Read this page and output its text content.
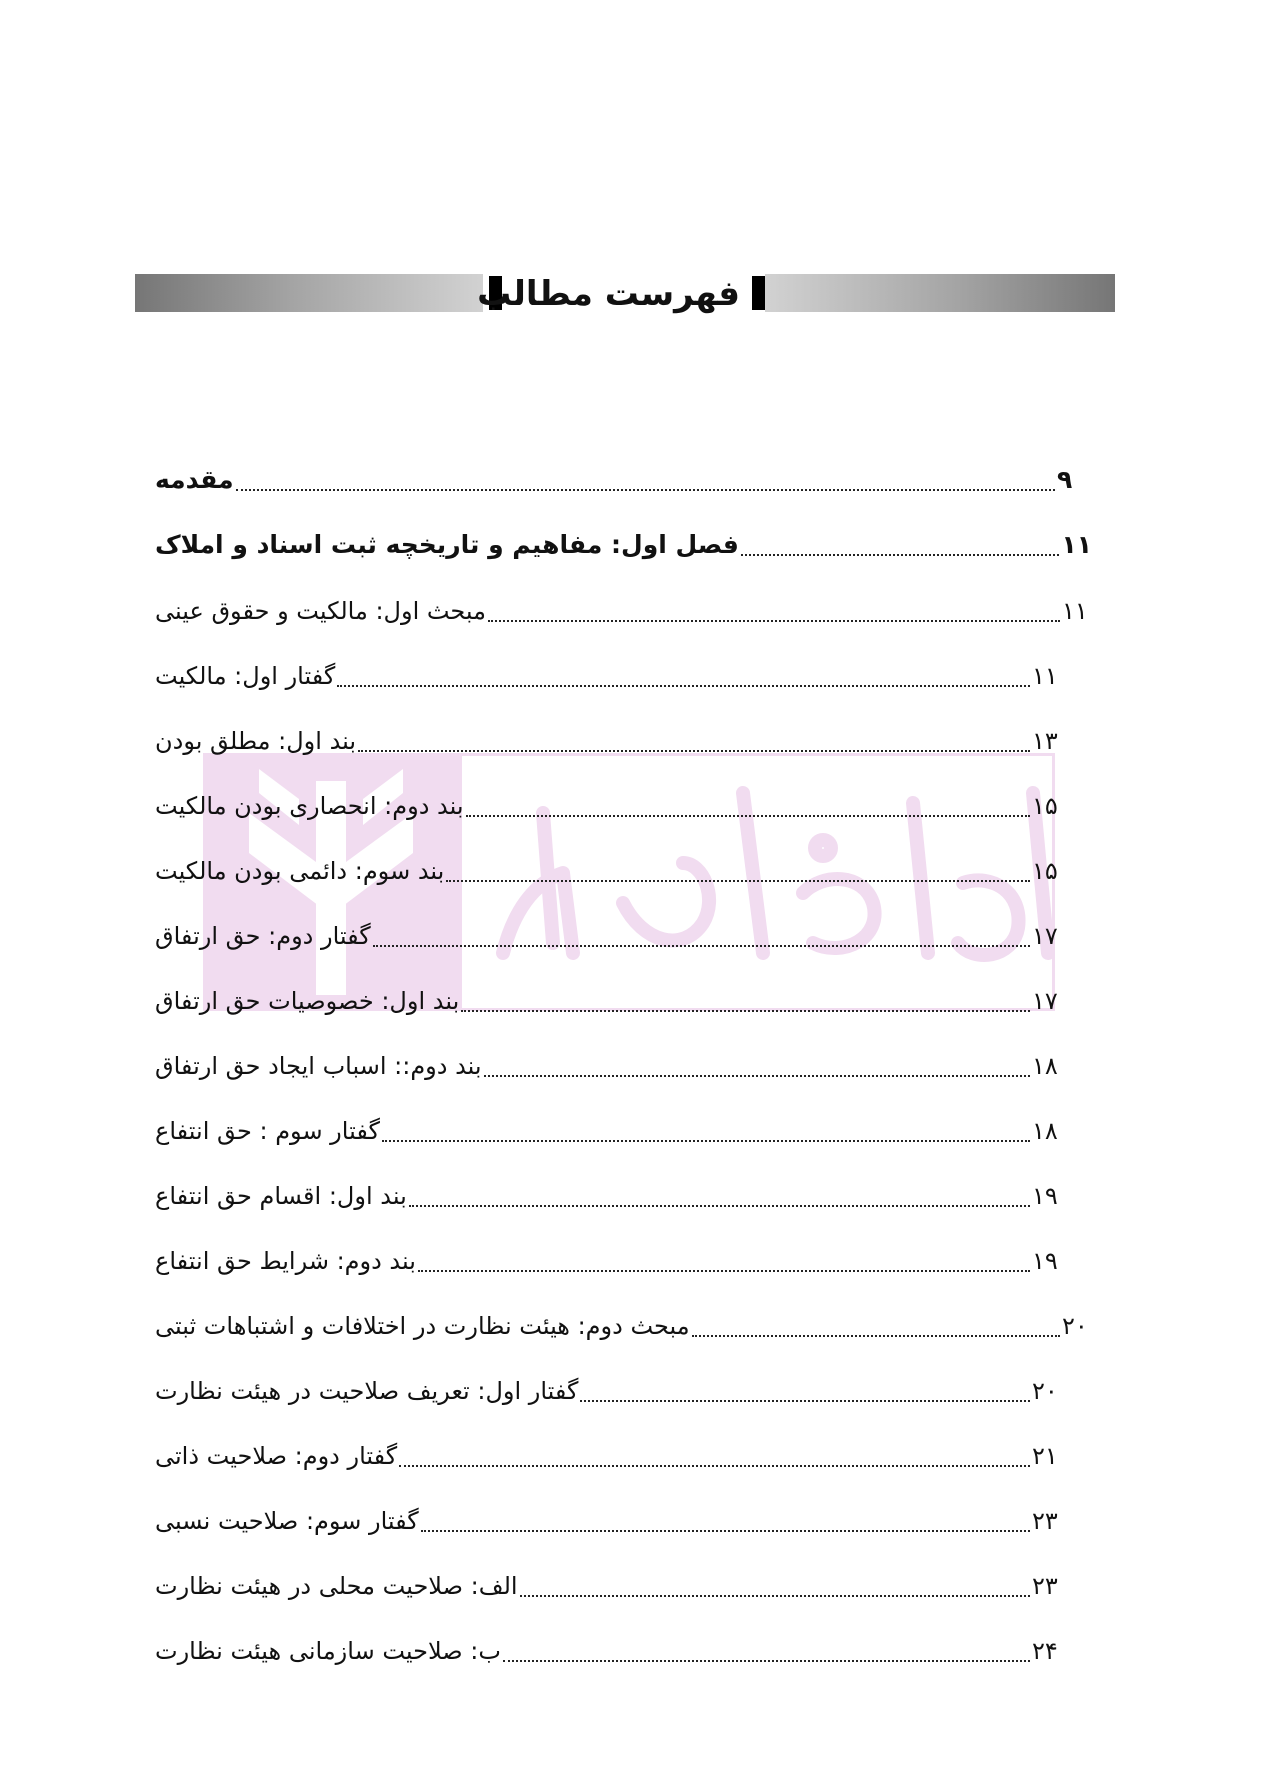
فهرست مطالب
مقدمه	۹
فصل اول: مفاهیم و تاریخچه ثبت اسناد و املاک	۱۱
مبحث اول: مالکیت و حقوق عینی	۱۱
گفتار اول: مالکیت	۱۱
بند اول: مطلق بودن	۱۳
بند دوم: انحصاری بودن مالکیت	۱۵
بند سوم: دائمی بودن مالکیت	۱۵
گفتار دوم: حق ارتفاق	۱۷
بند اول: خصوصیات حق ارتفاق	۱۷
بند دوم:: اسباب ایجاد حق ارتفاق	۱۸
گفتار سوم : حق انتفاع	۱۸
بند اول: اقسام حق انتفاع	۱۹
بند دوم: شرایط حق انتفاع	۱۹
مبحث دوم: هیئت نظارت در اختلافات و اشتباهات ثبتی	۲۰
گفتار اول: تعریف صلاحیت در هیئت نظارت	۲۰
گفتار دوم: صلاحیت ذاتی	۲۱
گفتار سوم: صلاحیت نسبی	۲۳
الف: صلاحیت محلی در هیئت نظارت	۲۳
ب: صلاحیت سازمانی هیئت نظارت	۲۴
